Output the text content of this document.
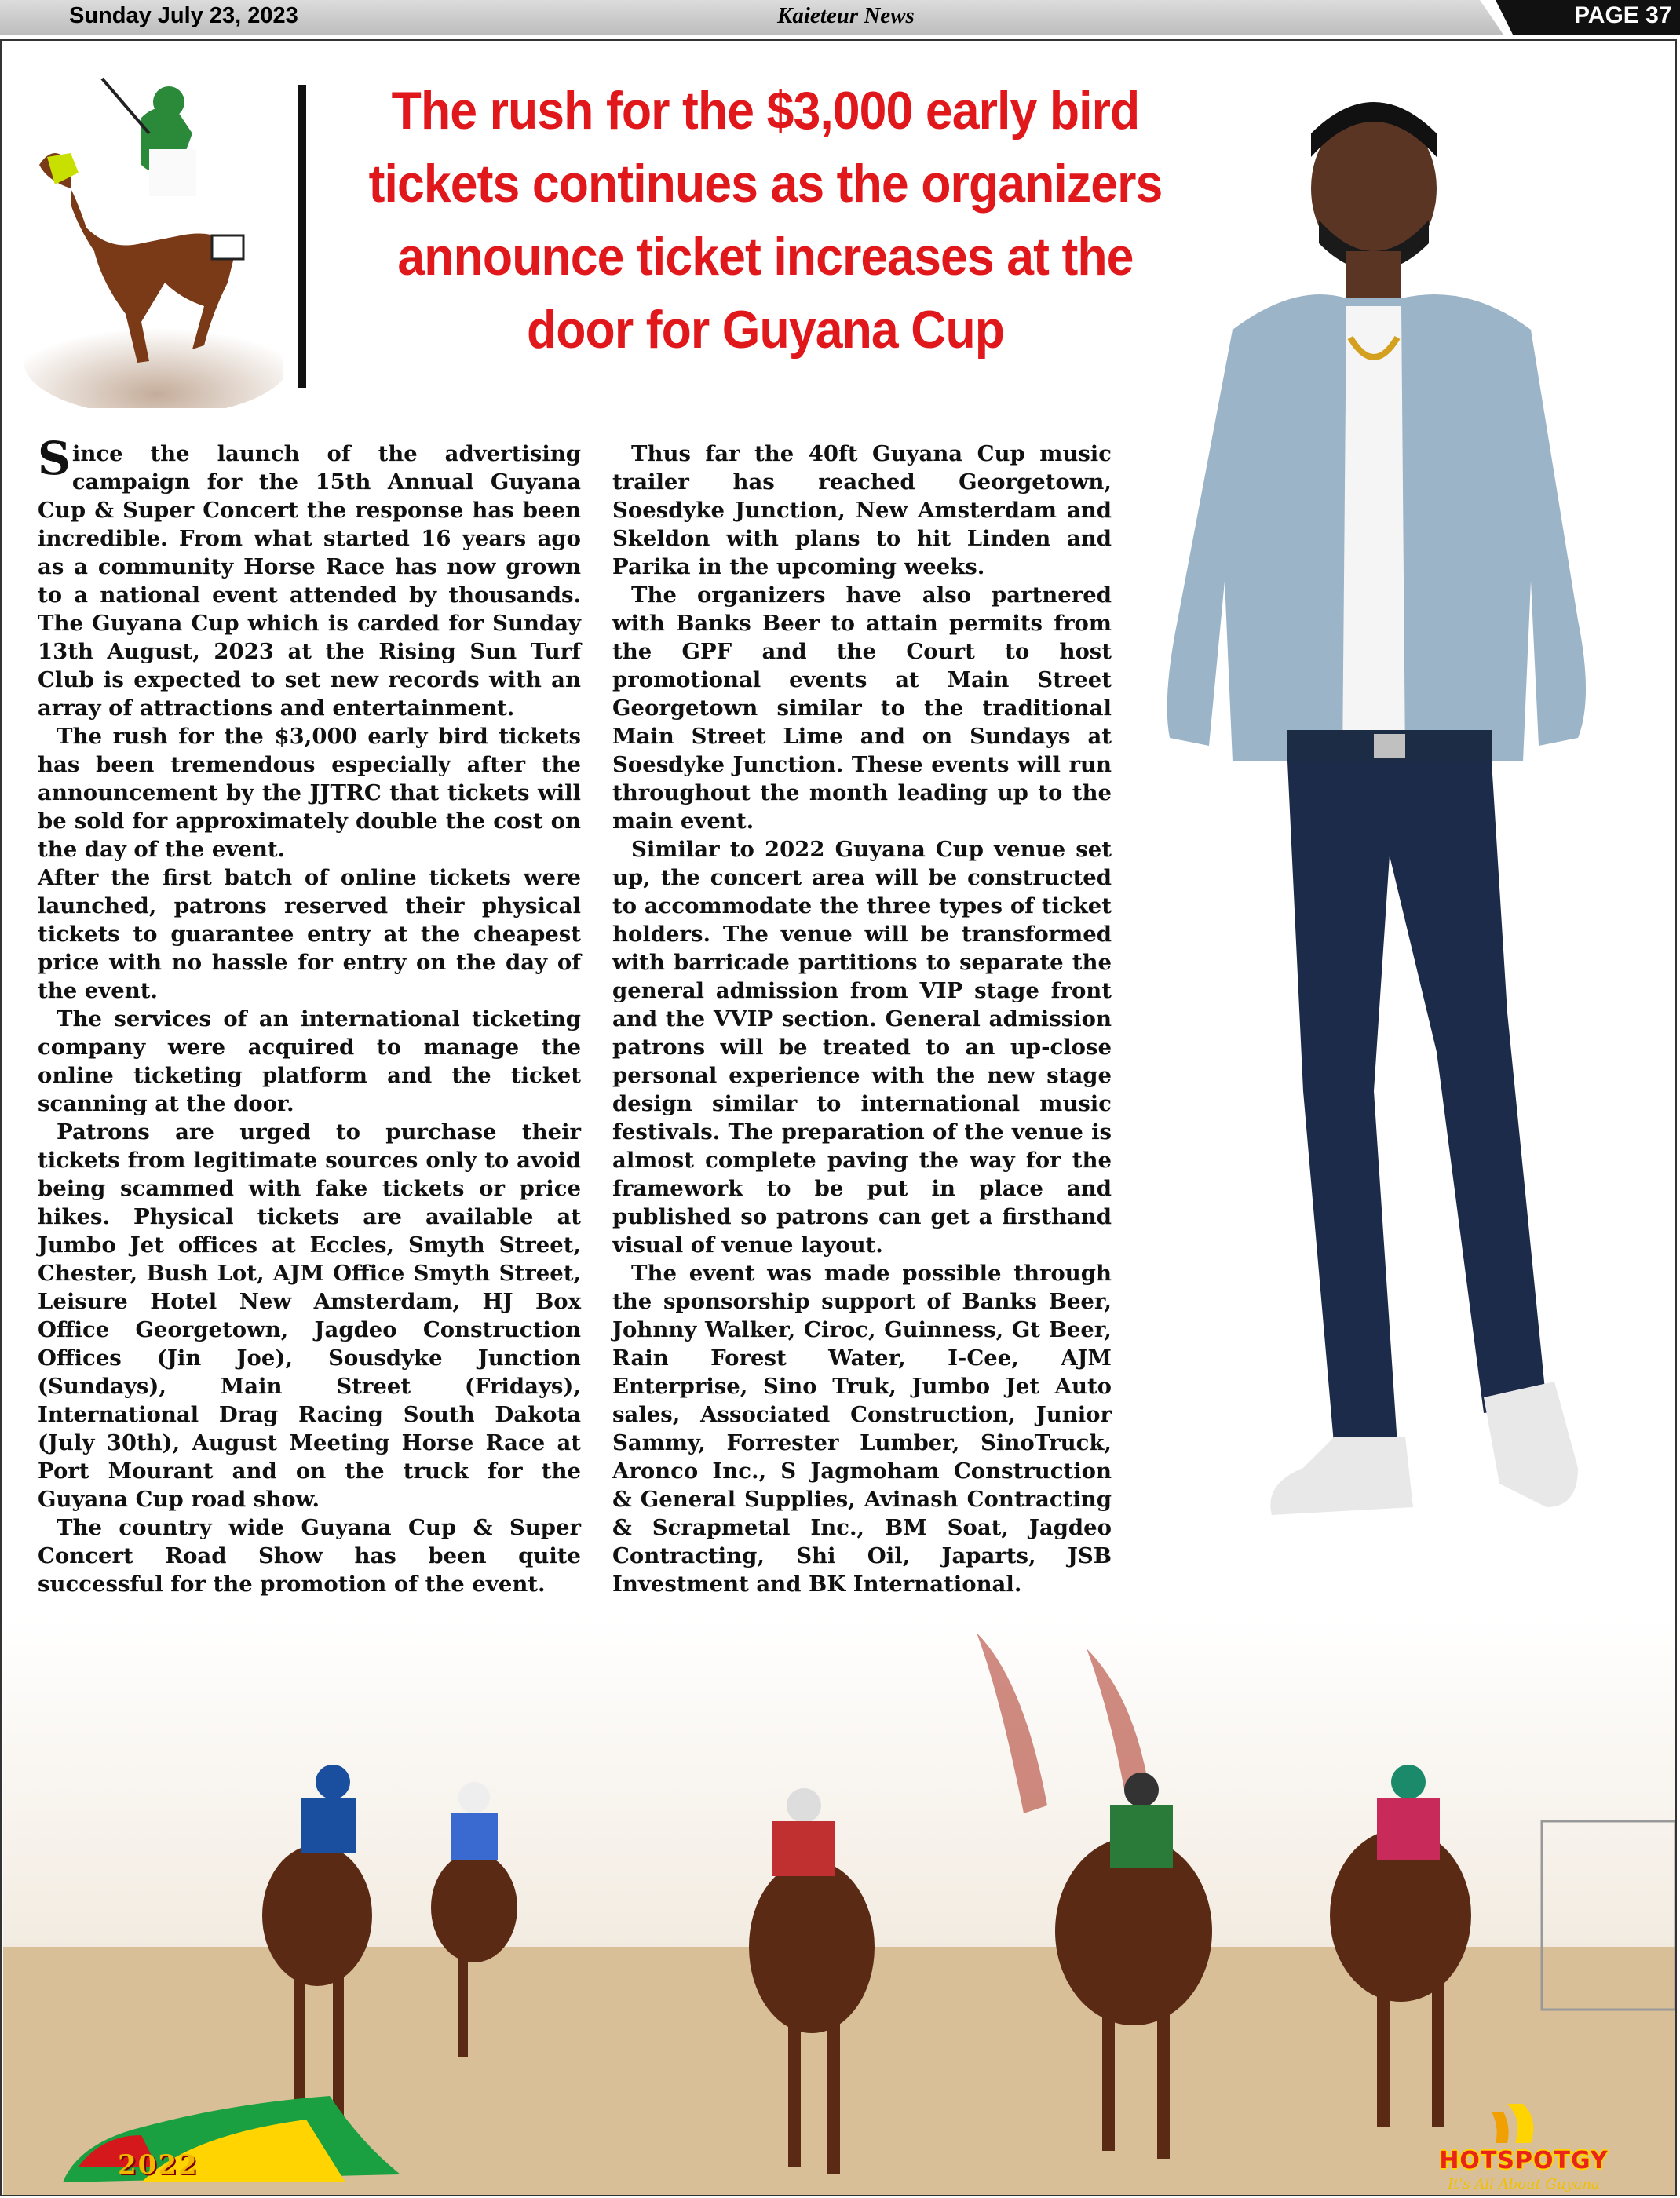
Sunday July 23, 2023	Kaieteur News	PAGE 37
The rush for the $3,000 early bird tickets continues as the organizers announce ticket increases at the door for Guyana Cup

Since the launch of the advertising campaign for the 15th Annual Guyana Cup & Super Concert the response has been incredible. From what started 16 years ago as a community Horse Race has now grown to a national event attended by thousands. The Guyana Cup which is carded for Sunday 13th August, 2023 at the Rising Sun Turf Club is expected to set new records with an array of attractions and entertainment.

The rush for the $3,000 early bird tickets has been tremendous especially after the announcement by the JJTRC that tickets will be sold for approximately double the cost on the day of the event.

After the first batch of online tickets were launched, patrons reserved their physical tickets to guarantee entry at the cheapest price with no hassle for entry on the day of the event.

The services of an international ticketing company were acquired to manage the online ticketing platform and the ticket scanning at the door.

Patrons are urged to purchase their tickets from legitimate sources only to avoid being scammed with fake tickets or price hikes. Physical tickets are available at Jumbo Jet offices at Eccles, Smyth Street, Chester, Bush Lot, AJM Office Smyth Street, Leisure Hotel New Amsterdam, HJ Box Office Georgetown, Jagdeo Construction Offices (Jin Joe), Sousdyke Junction (Sundays), Main Street (Fridays), International Drag Racing South Dakota (July 30th), August Meeting Horse Race at Port Mourant and on the truck for the Guyana Cup road show.

The country wide Guyana Cup & Super Concert Road Show has been quite successful for the promotion of the event.

Thus far the 40ft Guyana Cup music trailer has reached Georgetown, Soesdyke Junction, New Amsterdam and Skeldon with plans to hit Linden and Parika in the upcoming weeks.

The organizers have also partnered with Banks Beer to attain permits from the GPF and the Court to host promotional events at Main Street Georgetown similar to the traditional Main Street Lime and on Sundays at Soesdyke Junction. These events will run throughout the month leading up to the main event.

Similar to 2022 Guyana Cup venue set up, the concert area will be constructed to accommodate the three types of ticket holders. The venue will be transformed with barricade partitions to separate the general admission from VIP stage front and the VVIP section. General admission patrons will be treated to an up-close personal experience with the new stage design similar to international music festivals. The preparation of the venue is almost complete paving the way for the framework to be put in place and published so patrons can get a firsthand visual of venue layout.

The event was made possible through the sponsorship support of Banks Beer, Johnny Walker, Ciroc, Guinness, Gt Beer, Rain Forest Water, I-Cee, AJM Enterprise, Sino Truk, Jumbo Jet Auto sales, Associated Construction, Junior Sammy, Forrester Lumber, SinoTruck, Aronco Inc., S Jagmoham Construction & General Supplies, Avinash Contracting & Scrapmetal Inc., BM Soat, Jagdeo Contracting, Shi Oil, Japarts, JSB Investment and BK International.

2022	HOTSPOTGY
It's All About Guyana
